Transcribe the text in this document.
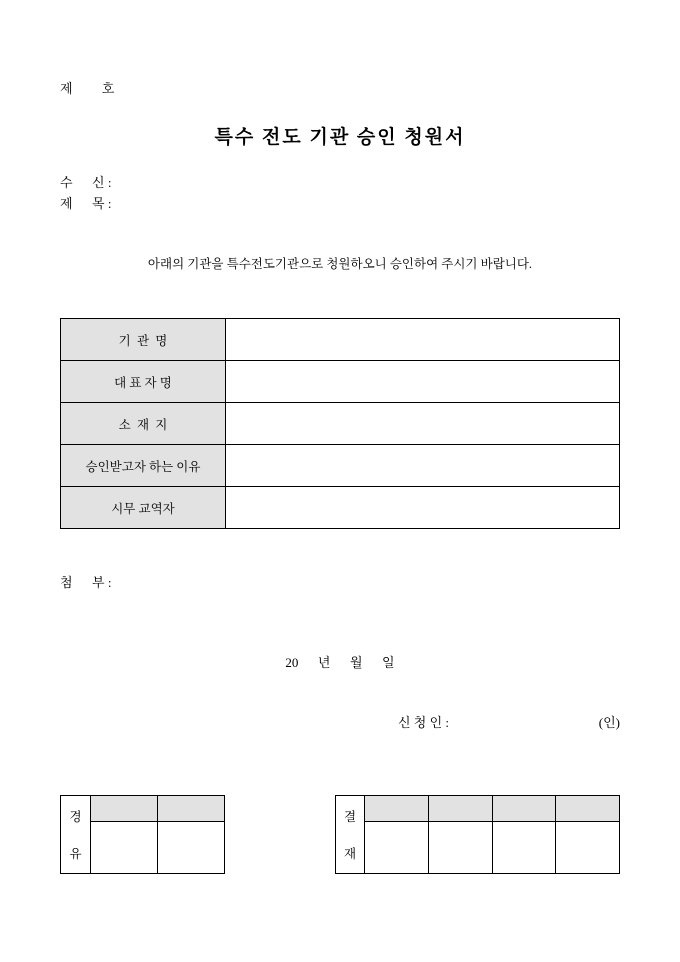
제         호
특수 전도 기관 승인 청원서
수      신 :
제      목 :
아래의 기관을 특수전도기관으로 청원하오니 승인하여 주시기 바랍니다.
기  관  명	
대 표 자 명	
소  재  지	
승인받고자 하는 이유	
시무 교역자	
첨      부 :
20      년      월      일
신 청 인 :	(인)
경
유		

결
재				
